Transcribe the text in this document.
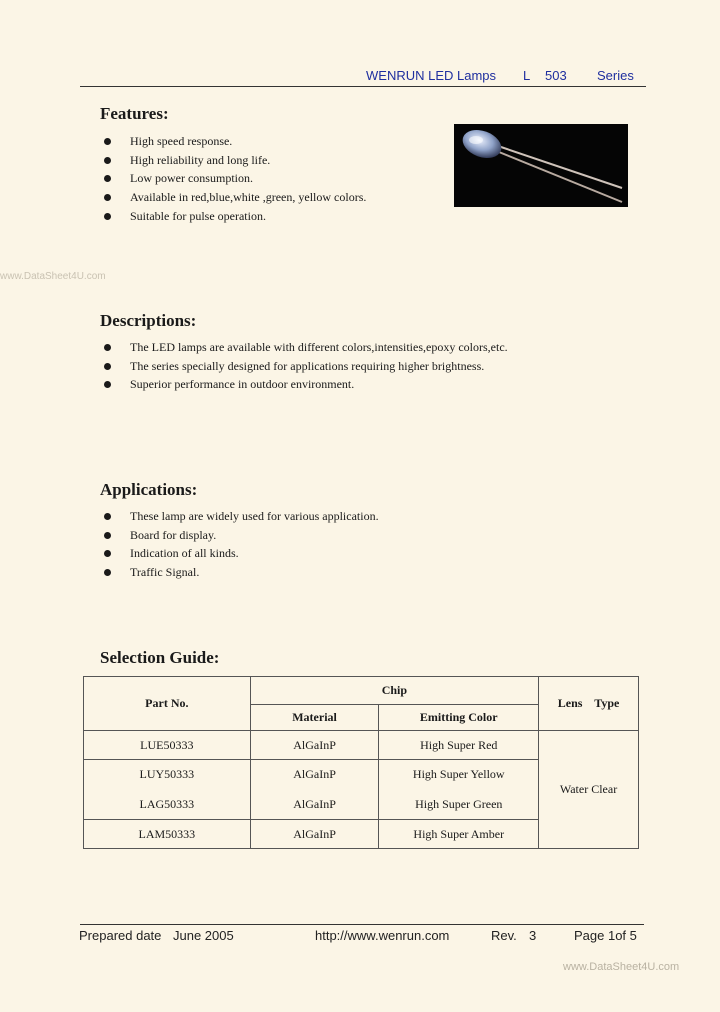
WENRUN LED Lamps L 503 Series
www.DataSheet4U.com
Features:
High speed response.
High reliability and long life.
Low power consumption.
Available in red,blue,white ,green, yellow colors.
Suitable for pulse operation.
Descriptions:
The LED lamps are available with different colors,intensities,epoxy colors,etc.
The series specially designed for applications requiring higher brightness.
Superior performance in outdoor environment.
Applications:
These lamp are widely used for various application.
Board for display.
Indication of all kinds.
Traffic Signal.
Selection Guide:
Part No.	Chip		Lens    Type
	Material	Emitting Color	
LUE50333	AlGaInP	High Super Red	Water Clear
LUY50333	AlGaInP	High Super Yellow	
LAG50333	AlGaInP	High Super Green	
LAM50333	AlGaInP	High Super Amber	
Prepared date June 2005	http://www.wenrun.com	Rev. 3	Page 1of 5
www.DataSheet4U.com
